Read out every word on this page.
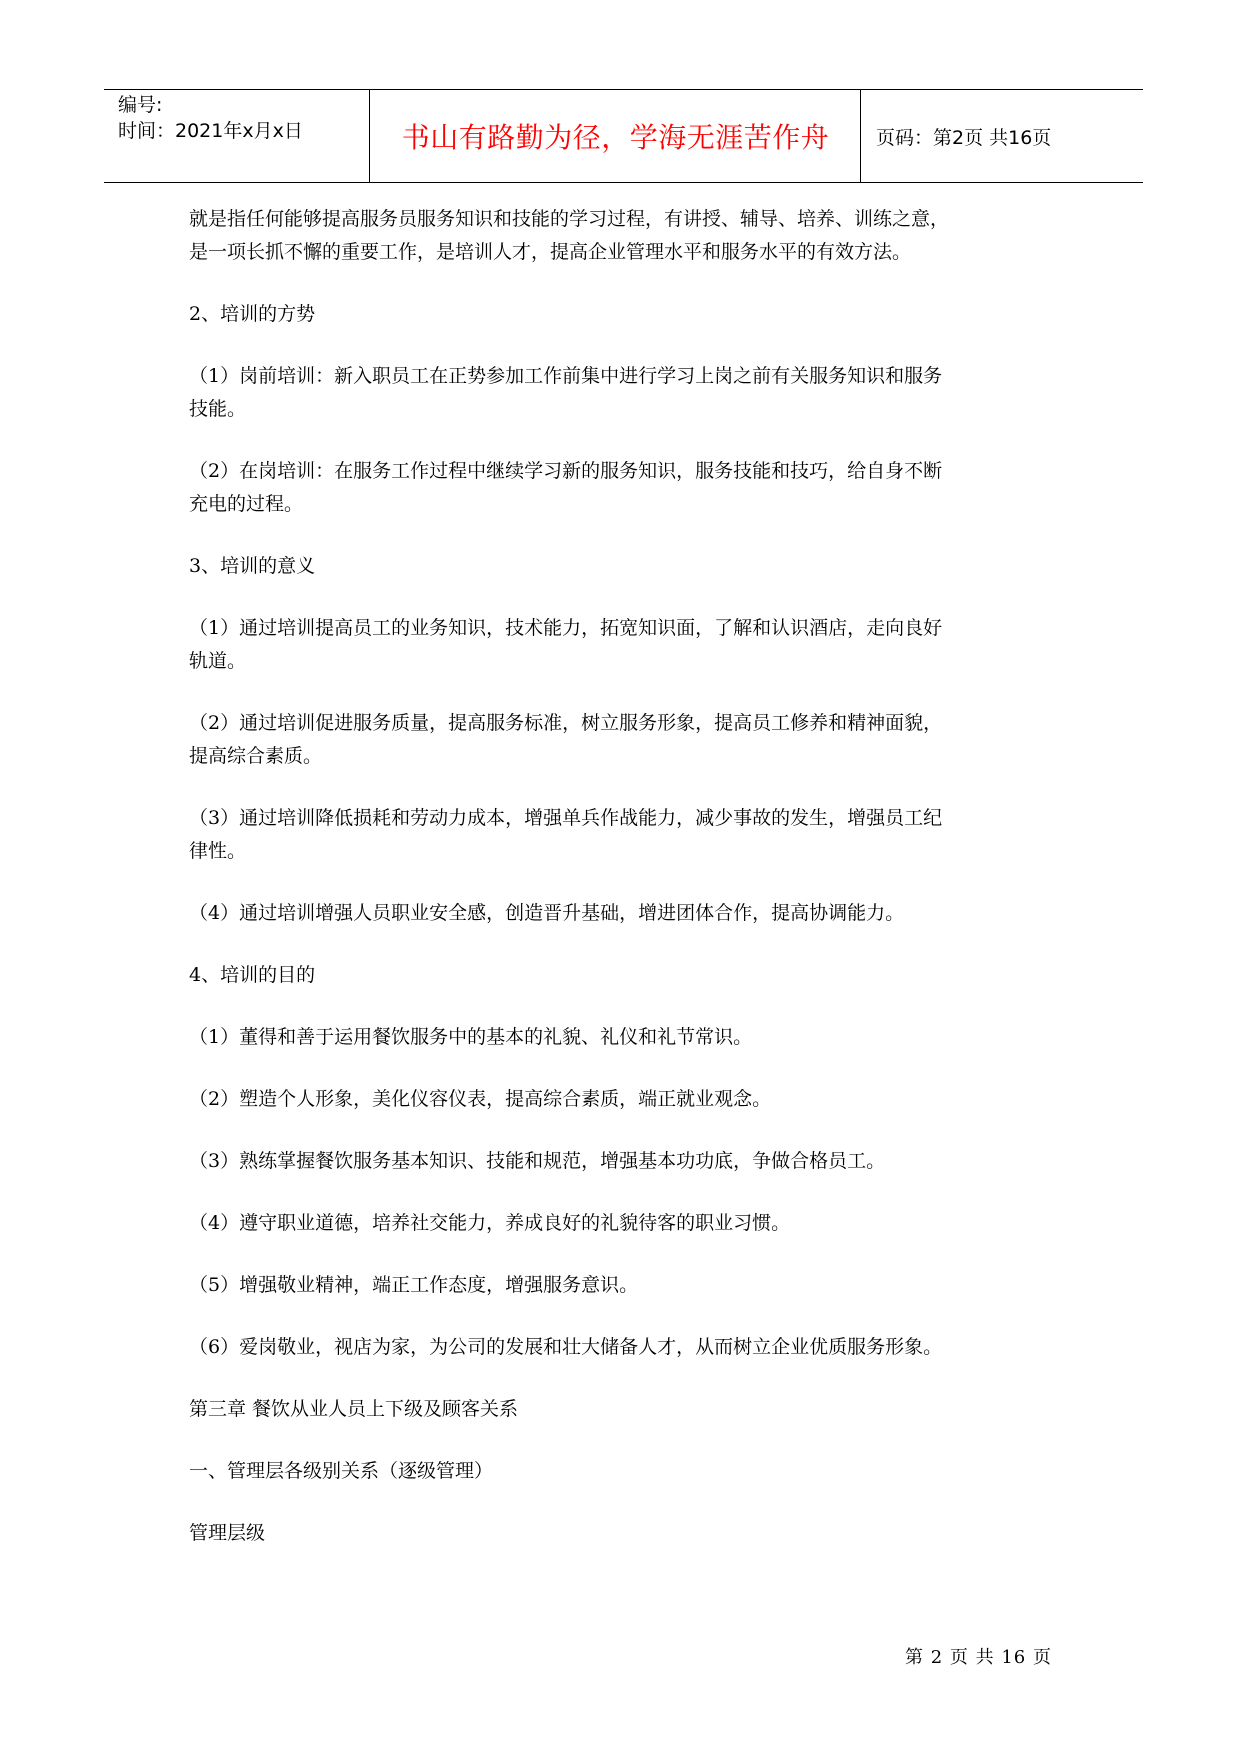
编号:
时间：2021年x月x日	书山有路勤为径，学海无涯苦作舟	页码：第2页 共16页

就是指任何能够提高服务员服务知识和技能的学习过程，有讲授、辅导、培养、训练之意，

是一项长抓不懈的重要工作，是培训人才，提高企业管理水平和服务水平的有效方法。

2、培训的方势

（1）岗前培训：新入职员工在正势参加工作前集中进行学习上岗之前有关服务知识和服务

技能。

（2）在岗培训：在服务工作过程中继续学习新的服务知识，服务技能和技巧，给自身不断

充电的过程。

3、培训的意义

（1）通过培训提高员工的业务知识，技术能力，拓宽知识面，了解和认识酒店，走向良好

轨道。

（2）通过培训促进服务质量，提高服务标准，树立服务形象，提高员工修养和精神面貌，

提高综合素质。

（3）通过培训降低损耗和劳动力成本，增强单兵作战能力，减少事故的发生，增强员工纪

律性。

（4）通过培训增强人员职业安全感，创造晋升基础，增进团体合作，提高协调能力。

4、培训的目的

（1）董得和善于运用餐饮服务中的基本的礼貌、礼仪和礼节常识。

（2）塑造个人形象，美化仪容仪表，提高综合素质，端正就业观念。

（3）熟练掌握餐饮服务基本知识、技能和规范，增强基本功功底，争做合格员工。

（4）遵守职业道德，培养社交能力，养成良好的礼貌待客的职业习惯。

（5）增强敬业精神，端正工作态度，增强服务意识。

（6）爱岗敬业，视店为家，为公司的发展和壮大储备人才，从而树立企业优质服务形象。

第三章 餐饮从业人员上下级及顾客关系

一、管理层各级别关系（逐级管理）

管理层级

第 2 页 共 16 页
